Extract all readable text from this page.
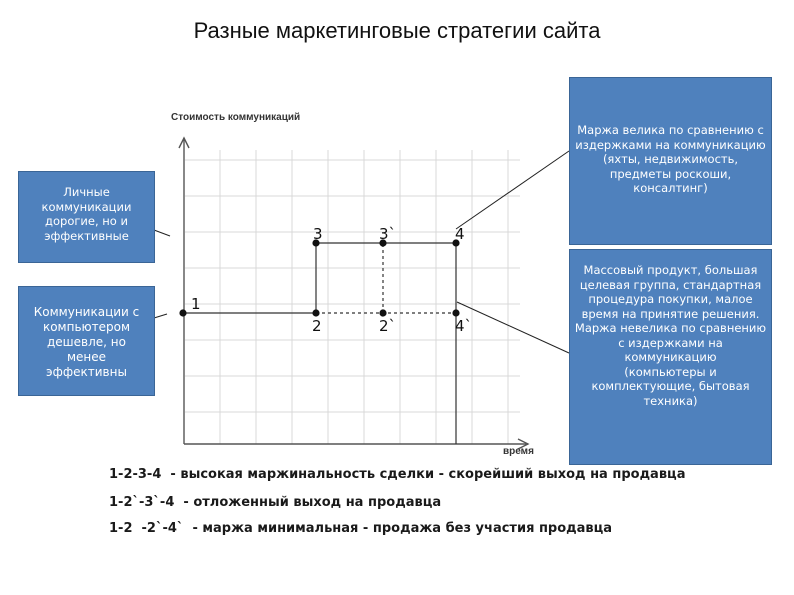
Разные маркетинговые стратегии сайта
Стоимость коммуникаций
время
1
2	2`	4`
3	3`	4
Личные
коммуникации
дорогие, но и
эффективные
Коммуникации с
компьютером
дешевле, но
менее
эффективны
Маржа велика по сравнению с
издержками на коммуникацию
(яхты, недвижимость,
предметы роскоши,
консалтинг)
Массовый продукт, большая
целевая группа, стандартная
процедура покупки, малое
время на принятие решения.
Маржа невелика по сравнению
с издержками на
коммуникацию
(компьютеры и
комплектующие, бытовая
техника)
1-2-3-4  - высокая маржинальность сделки - скорейший выход на продавца
1-2`-3`-4  - отложенный выход на продавца
1-2  -2`-4`  - маржа минимальная - продажа без участия продавца
